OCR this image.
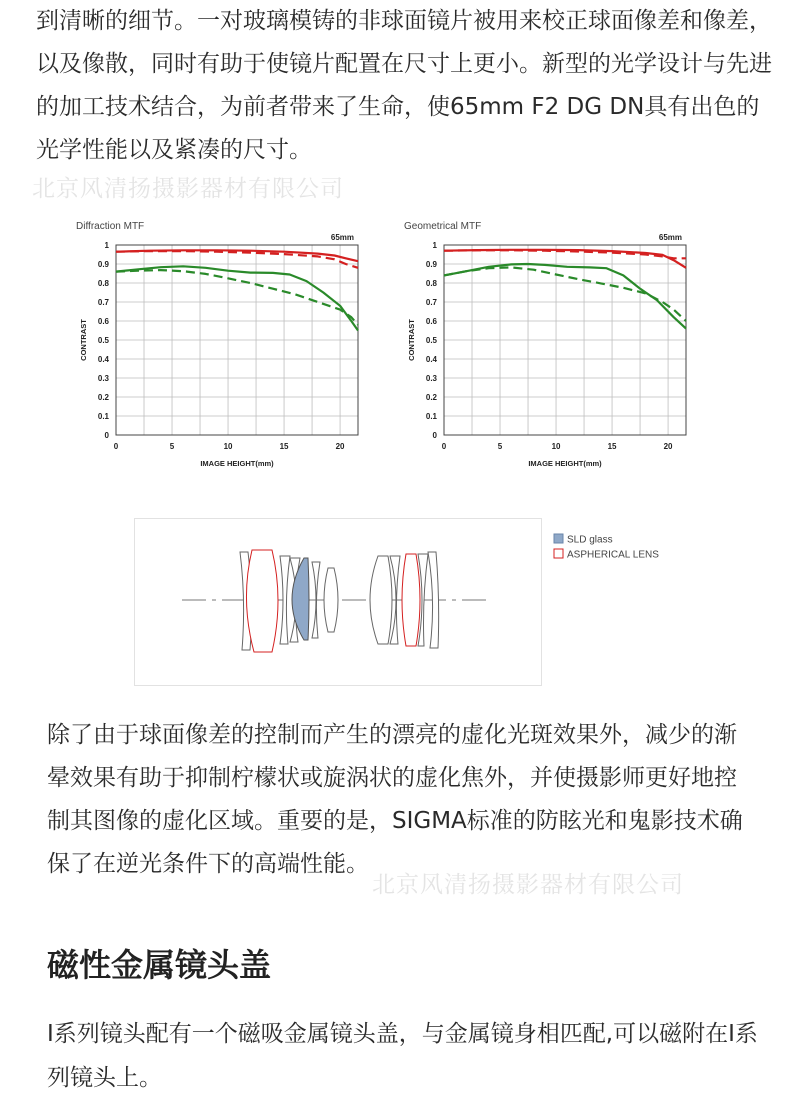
到清晰的细节。一对玻璃模铸的非球面镜片被用来校正球面像差和像差，以及像散，同时有助于使镜片配置在尺寸上更小。新型的光学设计与先进的加工技术结合，为前者带来了生命，使65mm F2 DG DN具有出色的光学性能以及紧凑的尺寸。

北京风清扬摄影器材有限公司
Diffraction MTF
0
0.1
0.2
0.3
0.4
0.5
0.6
0.7
0.8
0.9
1
0	5	10	15	20
65mm
IMAGE HEIGHT(mm)
CONTRAST
Geometrical MTF
0
0.1
0.2
0.3
0.4
0.5
0.6
0.7
0.8
0.9
1
0	5	10	15	20
65mm
IMAGE HEIGHT(mm)
CONTRAST
SLD glass
ASPHERICAL LENS

除了由于球面像差的控制而产生的漂亮的虚化光斑效果外，减少的渐晕效果有助于抑制柠檬状或旋涡状的虚化焦外，并使摄影师更好地控制其图像的虚化区域。重要的是，SIGMA标准的防眩光和鬼影技术确保了在逆光条件下的高端性能。

北京风清扬摄影器材有限公司
磁性金属镜头盖

I系列镜头配有一个磁吸金属镜头盖，与金属镜身相匹配,可以磁附在I系列镜头上。
